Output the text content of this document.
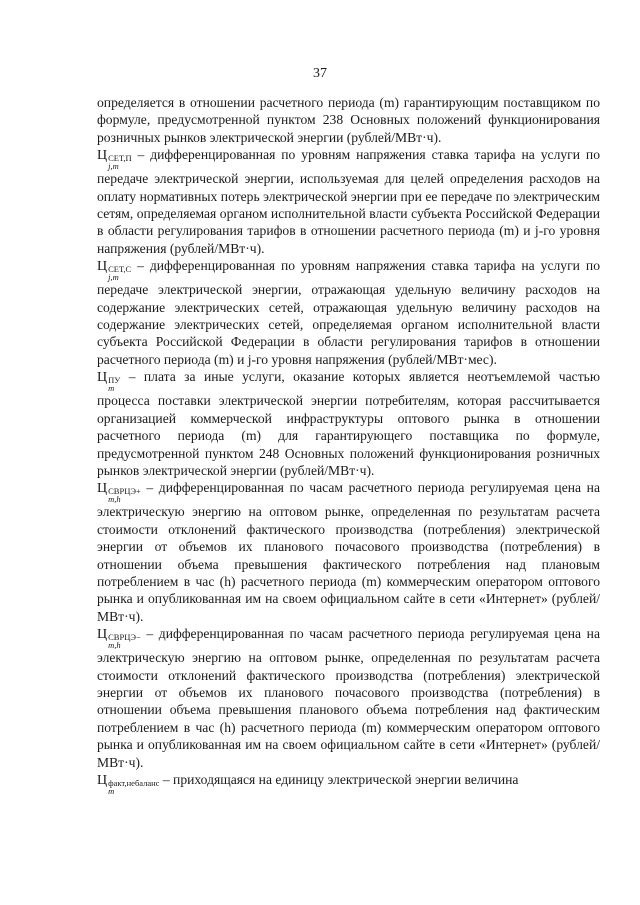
37

определяется в отношении расчетного периода (m) гарантирующим поставщиком по формуле, предусмотренной пунктом 238 Основных положений функционирования розничных рынков электрической энергии (рублей/МВт·ч).

Ц СЕТ,П
j,m
– дифференцированная по уровням напряжения ставка тарифа на услуги по передаче электрической энергии, используемая для целей определения расходов на оплату нормативных потерь электрической энергии при ее передаче по электрическим сетям, определяемая органом исполнительной власти субъекта Российской Федерации в области регулирования тарифов в отношении расчетного периода (m) и j-го уровня напряжения (рублей/МВт·ч).

Ц СЕТ,С
j,m
– дифференцированная по уровням напряжения ставка тарифа на услуги по передаче электрической энергии, отражающая удельную величину расходов на содержание электрических сетей, отражающая удельную величину расходов на содержание электрических сетей, определяемая органом исполнительной власти субъекта Российской Федерации в области регулирования тарифов в отношении расчетного периода (m) и j-го уровня напряжения (рублей/МВт·мес).

Ц ПУ
m
– плата за иные услуги, оказание которых является неотъемлемой частью процесса поставки электрической энергии потребителям, которая рассчитывается организацией коммерческой инфраструктуры оптового рынка в отношении расчетного периода (m) для гарантирующего поставщика по формуле, предусмотренной пунктом 248 Основных положений функционирования розничных рынков электрической энергии (рублей/МВт·ч).

Ц СВРЦЭ+
m,h
– дифференцированная по часам расчетного периода регулируемая цена на электрическую энергию на оптовом рынке, определенная по результатам расчета стоимости отклонений фактического производства (потребления) электрической энергии от объемов их планового почасового производства (потребления) в отношении объема превышения фактического потребления над плановым потреблением в час (h) расчетного периода (m) коммерческим оператором оптового рынка и опубликованная им на своем официальном сайте в сети «Интернет» (рублей/МВт·ч).

Ц СВРЦЭ−
m,h
– дифференцированная по часам расчетного периода регулируемая цена на электрическую энергию на оптовом рынке, определенная по результатам расчета стоимости отклонений фактического производства (потребления) электрической энергии от объемов их планового почасового производства (потребления) в отношении объема превышения планового объема потребления над фактическим потреблением в час (h) расчетного периода (m) коммерческим оператором оптового рынка и опубликованная им на своем официальном сайте в сети «Интернет» (рублей/МВт·ч).

Ц факт,небаланс
m
– приходящаяся на единицу электрической энергии величина
